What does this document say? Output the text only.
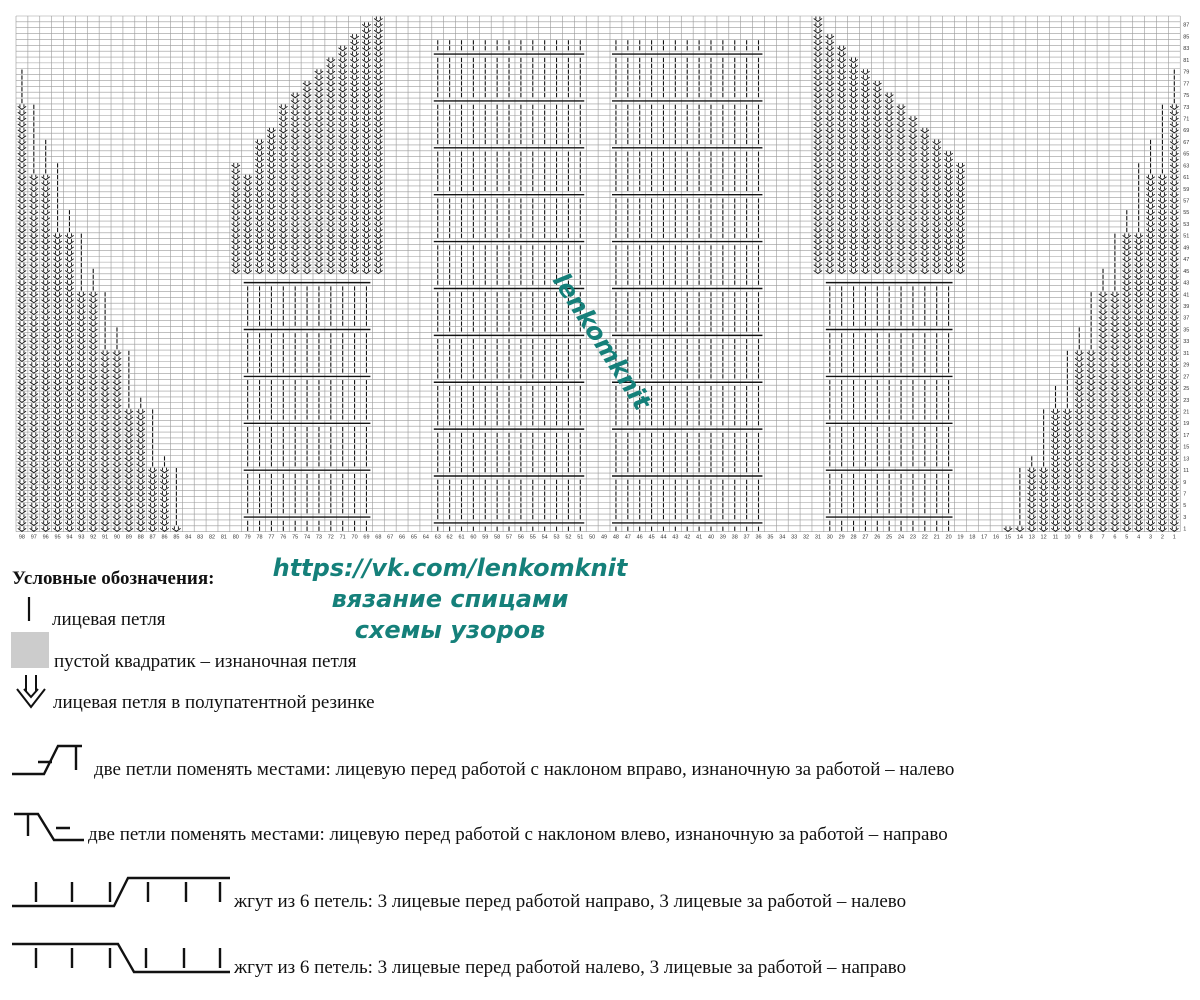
1
2
3
4
5
6
7
8
9
10
11
12
13
14
15
16
17
18
19
20
21
22
23
24
25
26
27
28
29
30
31
32
33
34
35
36
37
38
39
40
41
42
43
44
45
46
47
48
49
50
51
52
53
54
55
56
57
58
59
60
61
62
63
64
65
66
67
68
69
70
71
72
73
74
75
76
77
78
79
80
81
82
83
84
85
86
87
88
89
90
91
92
93
94
95
96
97
98
1
3
5
7
9
11
13
15
17
19
21
23
25
27
29
31
33
35
37
39
41
43
45
47
49
51
53
55
57
59
61
63
65
67
69
71
73
75
77
79
81
83
85
87
lenkomknit
Условные обозначения:	https://vk.com/lenkomknit
вязание спицами
схемы узоров
лицевая петля
пустой квадратик – изнаночная петля
лицевая петля в полупатентной резинке
две петли поменять местами: лицевую перед работой с наклоном вправо, изнаночную за работой – налево
две петли поменять местами: лицевую перед работой с наклоном влево, изнаночную за работой – направо
жгут из 6 петель: 3 лицевые перед работой направо, 3 лицевые за работой – налево
жгут из 6 петель: 3 лицевые перед работой налево, 3 лицевые за работой – направо
